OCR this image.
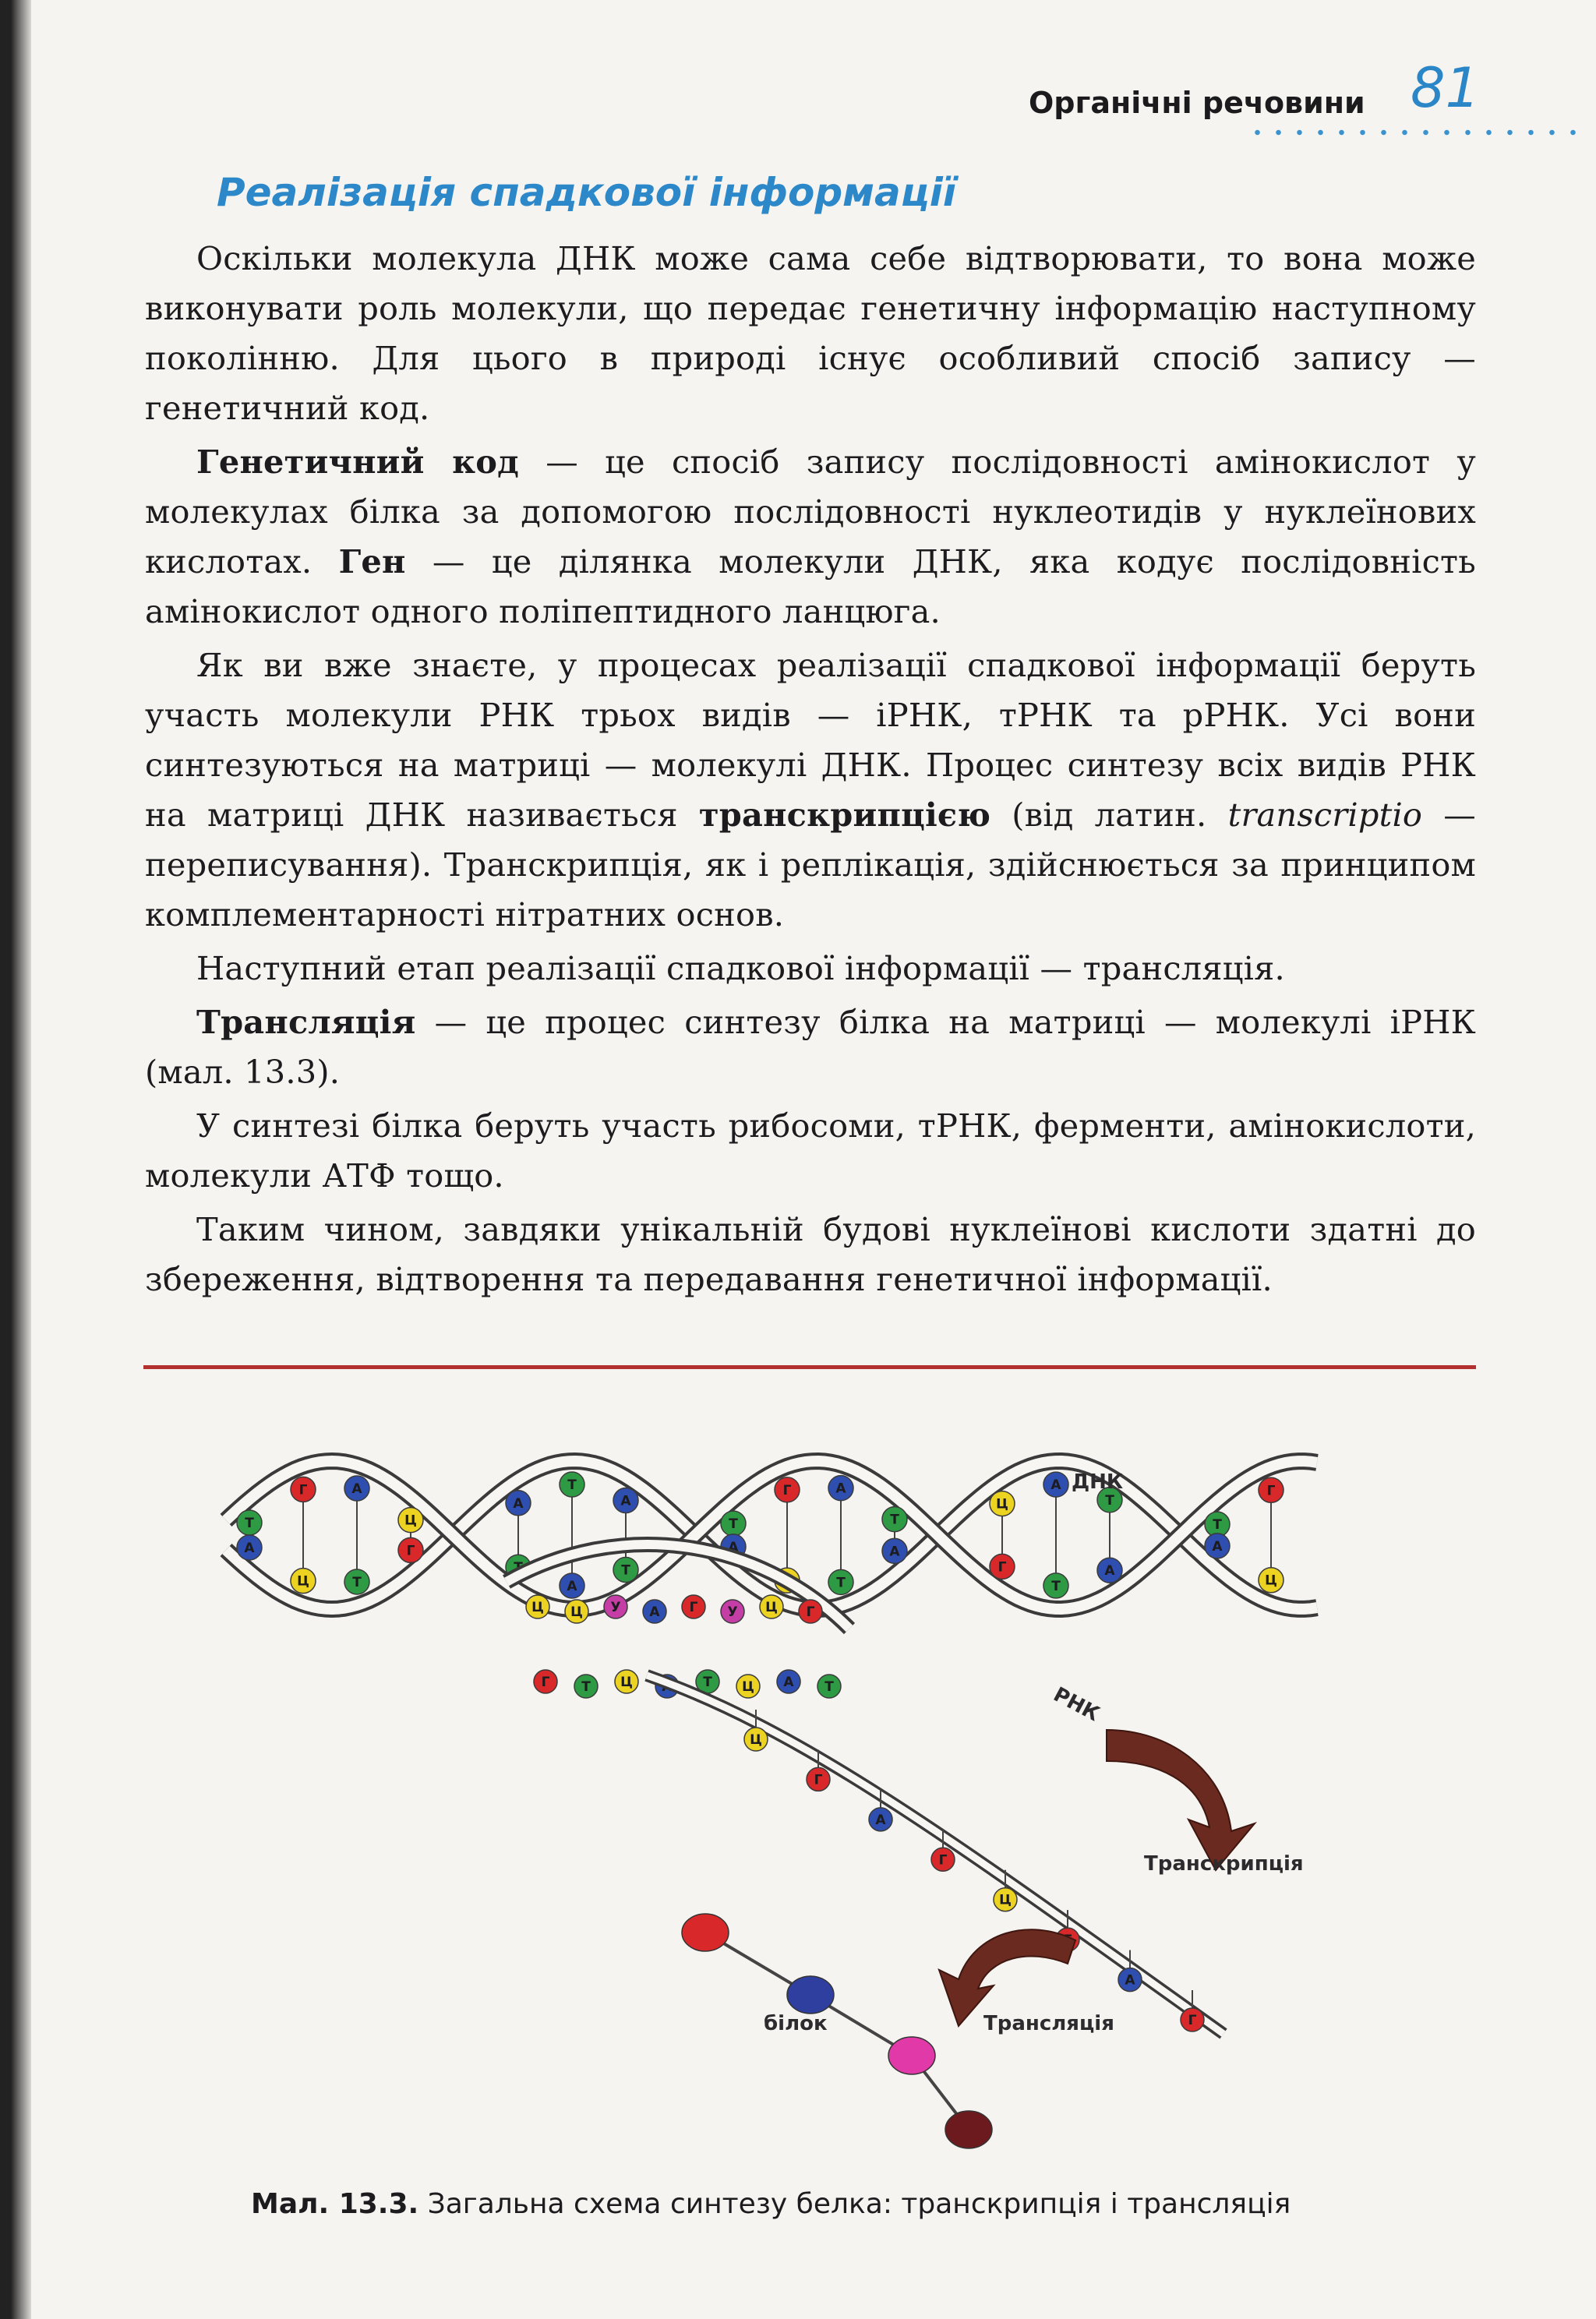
Органічні речовини 81
Реалізація спадкової інформації

Оскільки молекула ДНК може сама себе відтворювати, то вона може виконувати роль молекули, що передає генетичну інформацію наступному поколінню. Для цього в природі існує особливий спосіб запису — генетичний код.

Генетичний код — це спосіб запису послідовності амінокислот у молекулах білка за допомогою послідовності нуклеотидів у нуклеїнових кислотах. Ген — це ділянка молекули ДНК, яка кодує послідовність амінокислот одного поліпептидного ланцюга.

Як ви вже знаєте, у процесах реалізації спадкової інформації беруть участь молекули РНК трьох видів — іРНК, тРНК та рРНК. Усі вони синтезуються на матриці — молекулі ДНК. Процес синтезу всіх видів РНК на матриці ДНК називається транскрипцією (від латин. transcriptio — переписування). Транскрипція, як і реплікація, здійснюється за принципом комплементарності нітратних основ.

Наступний етап реалізації спадкової інформації — трансляція.

Трансляція — це процес синтезу білка на матриці — молекулі іРНК (мал. 13.3).

У синтезі білка беруть участь рибосоми, тРНК, ферменти, амінокислоти, молекули АТФ тощо.

Таким чином, завдяки унікальній будові нуклеїнові кислоти здатні до збереження, відтворення та передавання генетичної інформації.

Т
А
Г
Ц
А
Т
Ц
Г
А
Т
Т
А
А
Т
Т
А
Г
Ц
А
Т
Т
А
Ц
Г
А
Т
Т
А
Т
А
Г
Ц
Ц Ц У А Г У Ц Г
Г Т Ц А Т Ц А Т
Ц
Г
А
Г
Ц
А
Г
ДНК
РНК
Транскрипція
Трансляція
білок

Мал. 13.3. Загальна схема синтезу белка: транскрипція і трансляція
